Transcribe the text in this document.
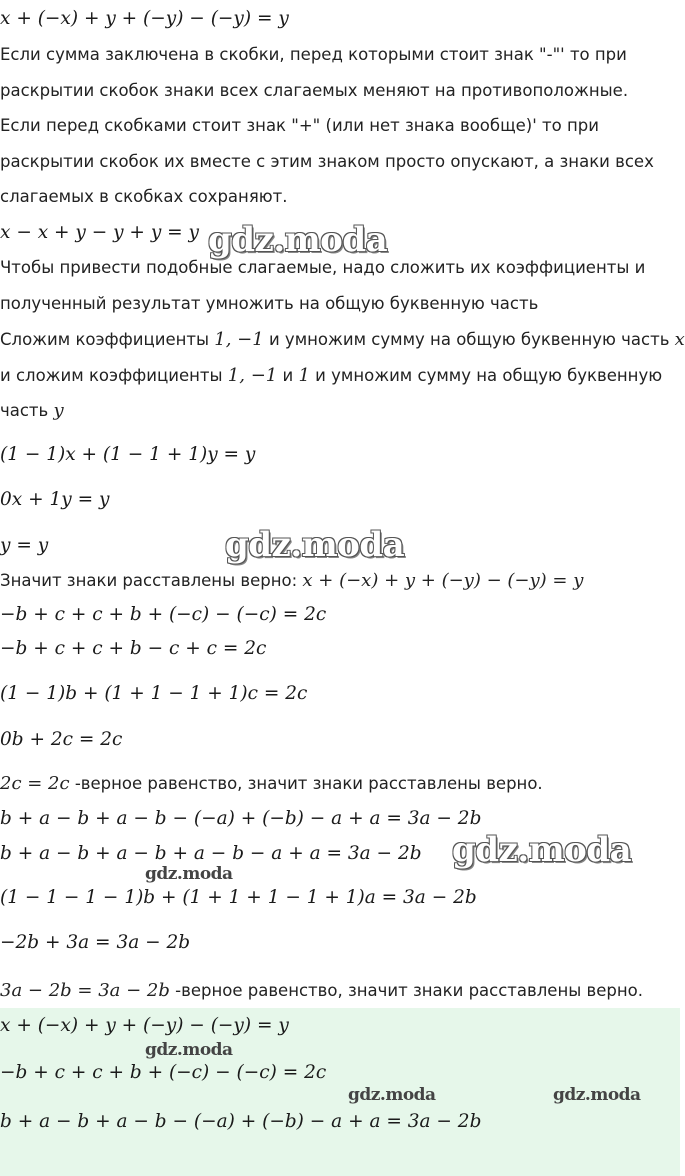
x + (−x) + y + (−y) − (−y) = y
Если сумма заключена в скобки, перед которыми стоит знак "-"' то при
раскрытии скобок знаки всех слагаемых меняют на противоположные.
Если перед скобками стоит знак "+" (или нет знака вообще)' то при
раскрытии скобок их вместе с этим знаком просто опускают, а знаки всех
слагаемых в скобках сохраняют.
x − x + y − y + y = y
Чтобы привести подобные слагаемые, надо сложить их коэффициенты и
полученный результат умножить на общую буквенную часть
Сложим коэффициенты 1, −1 и умножим сумму на общую буквенную часть x
и сложим коэффициенты 1, −1 и 1 и умножим сумму на общую буквенную
часть y
(1 − 1)x + (1 − 1 + 1)y = y
0x + 1y = y
y = y
Значит знаки расставлены верно: x + (−x) + y + (−y) − (−y) = y
−b + c + c + b + (−c) − (−c) = 2c
−b + c + c + b − c + c = 2c
(1 − 1)b + (1 + 1 − 1 + 1)c = 2c
0b + 2c = 2c
2c = 2c -верное равенство, значит знаки расставлены верно.
b + a − b + a − b − (−a) + (−b) − a + a = 3a − 2b
b + a − b + a − b + a − b − a + a = 3a − 2b
(1 − 1 − 1 − 1)b + (1 + 1 + 1 − 1 + 1)a = 3a − 2b
−2b + 3a = 3a − 2b
3a − 2b = 3a − 2b -верное равенство, значит знаки расставлены верно.
x + (−x) + y + (−y) − (−y) = y
−b + c + c + b + (−c) − (−c) = 2c
b + a − b + a − b − (−a) + (−b) − a + a = 3a − 2b
gdz.moda
gdz.moda
gdz.moda
gdz.moda
gdz.moda
gdz.moda	gdz.moda
